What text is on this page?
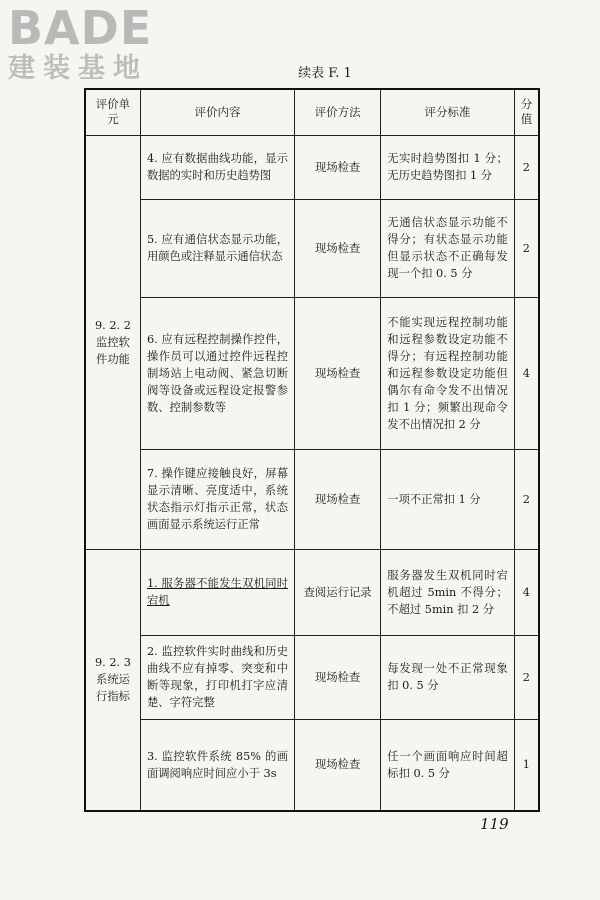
BADE
建装基地	续表 F. 1
评价单元	评价内容	评价方法	评分标准	分值
9. 2. 2 监控软件功能	4. 应有数据曲线功能，显示数据的实时和历史趋势图	现场检查	无实时趋势图扣 1 分；无历史趋势图扣 1 分	2
	5. 应有通信状态显示功能，用颜色或注释显示通信状态	现场检查	无通信状态显示功能不得分；有状态显示功能但显示状态不正确每发现一个扣 0. 5 分	2
	6. 应有远程控制操作控件，操作员可以通过控件远程控制场站上电动阀、紧急切断阀等设备或远程设定报警参数、控制参数等	现场检查	不能实现远程控制功能和远程参数设定功能不得分；有远程控制功能和远程参数设定功能但偶尔有命令发不出情况扣 1 分；频繁出现命令发不出情况扣 2 分	4
	7. 操作键应接触良好，屏幕显示清晰、亮度适中，系统状态指示灯指示正常，状态画面显示系统运行正常	现场检查	一项不正常扣 1 分	2
9. 2. 3 系统运行指标	1. 服务器不能发生双机同时宕机	查阅运行记录	服务器发生双机同时宕机超过 5min 不得分；不超过 5min 扣 2 分	4
	2. 监控软件实时曲线和历史曲线不应有掉零、突变和中断等现象，打印机打字应清楚、字符完整	现场检查	每发现一处不正常现象扣 0. 5 分	2
	3. 监控软件系统 85% 的画面调阅响应时间应小于 3s	现场检查	任一个画面响应时间超标扣 0. 5 分	1
119
